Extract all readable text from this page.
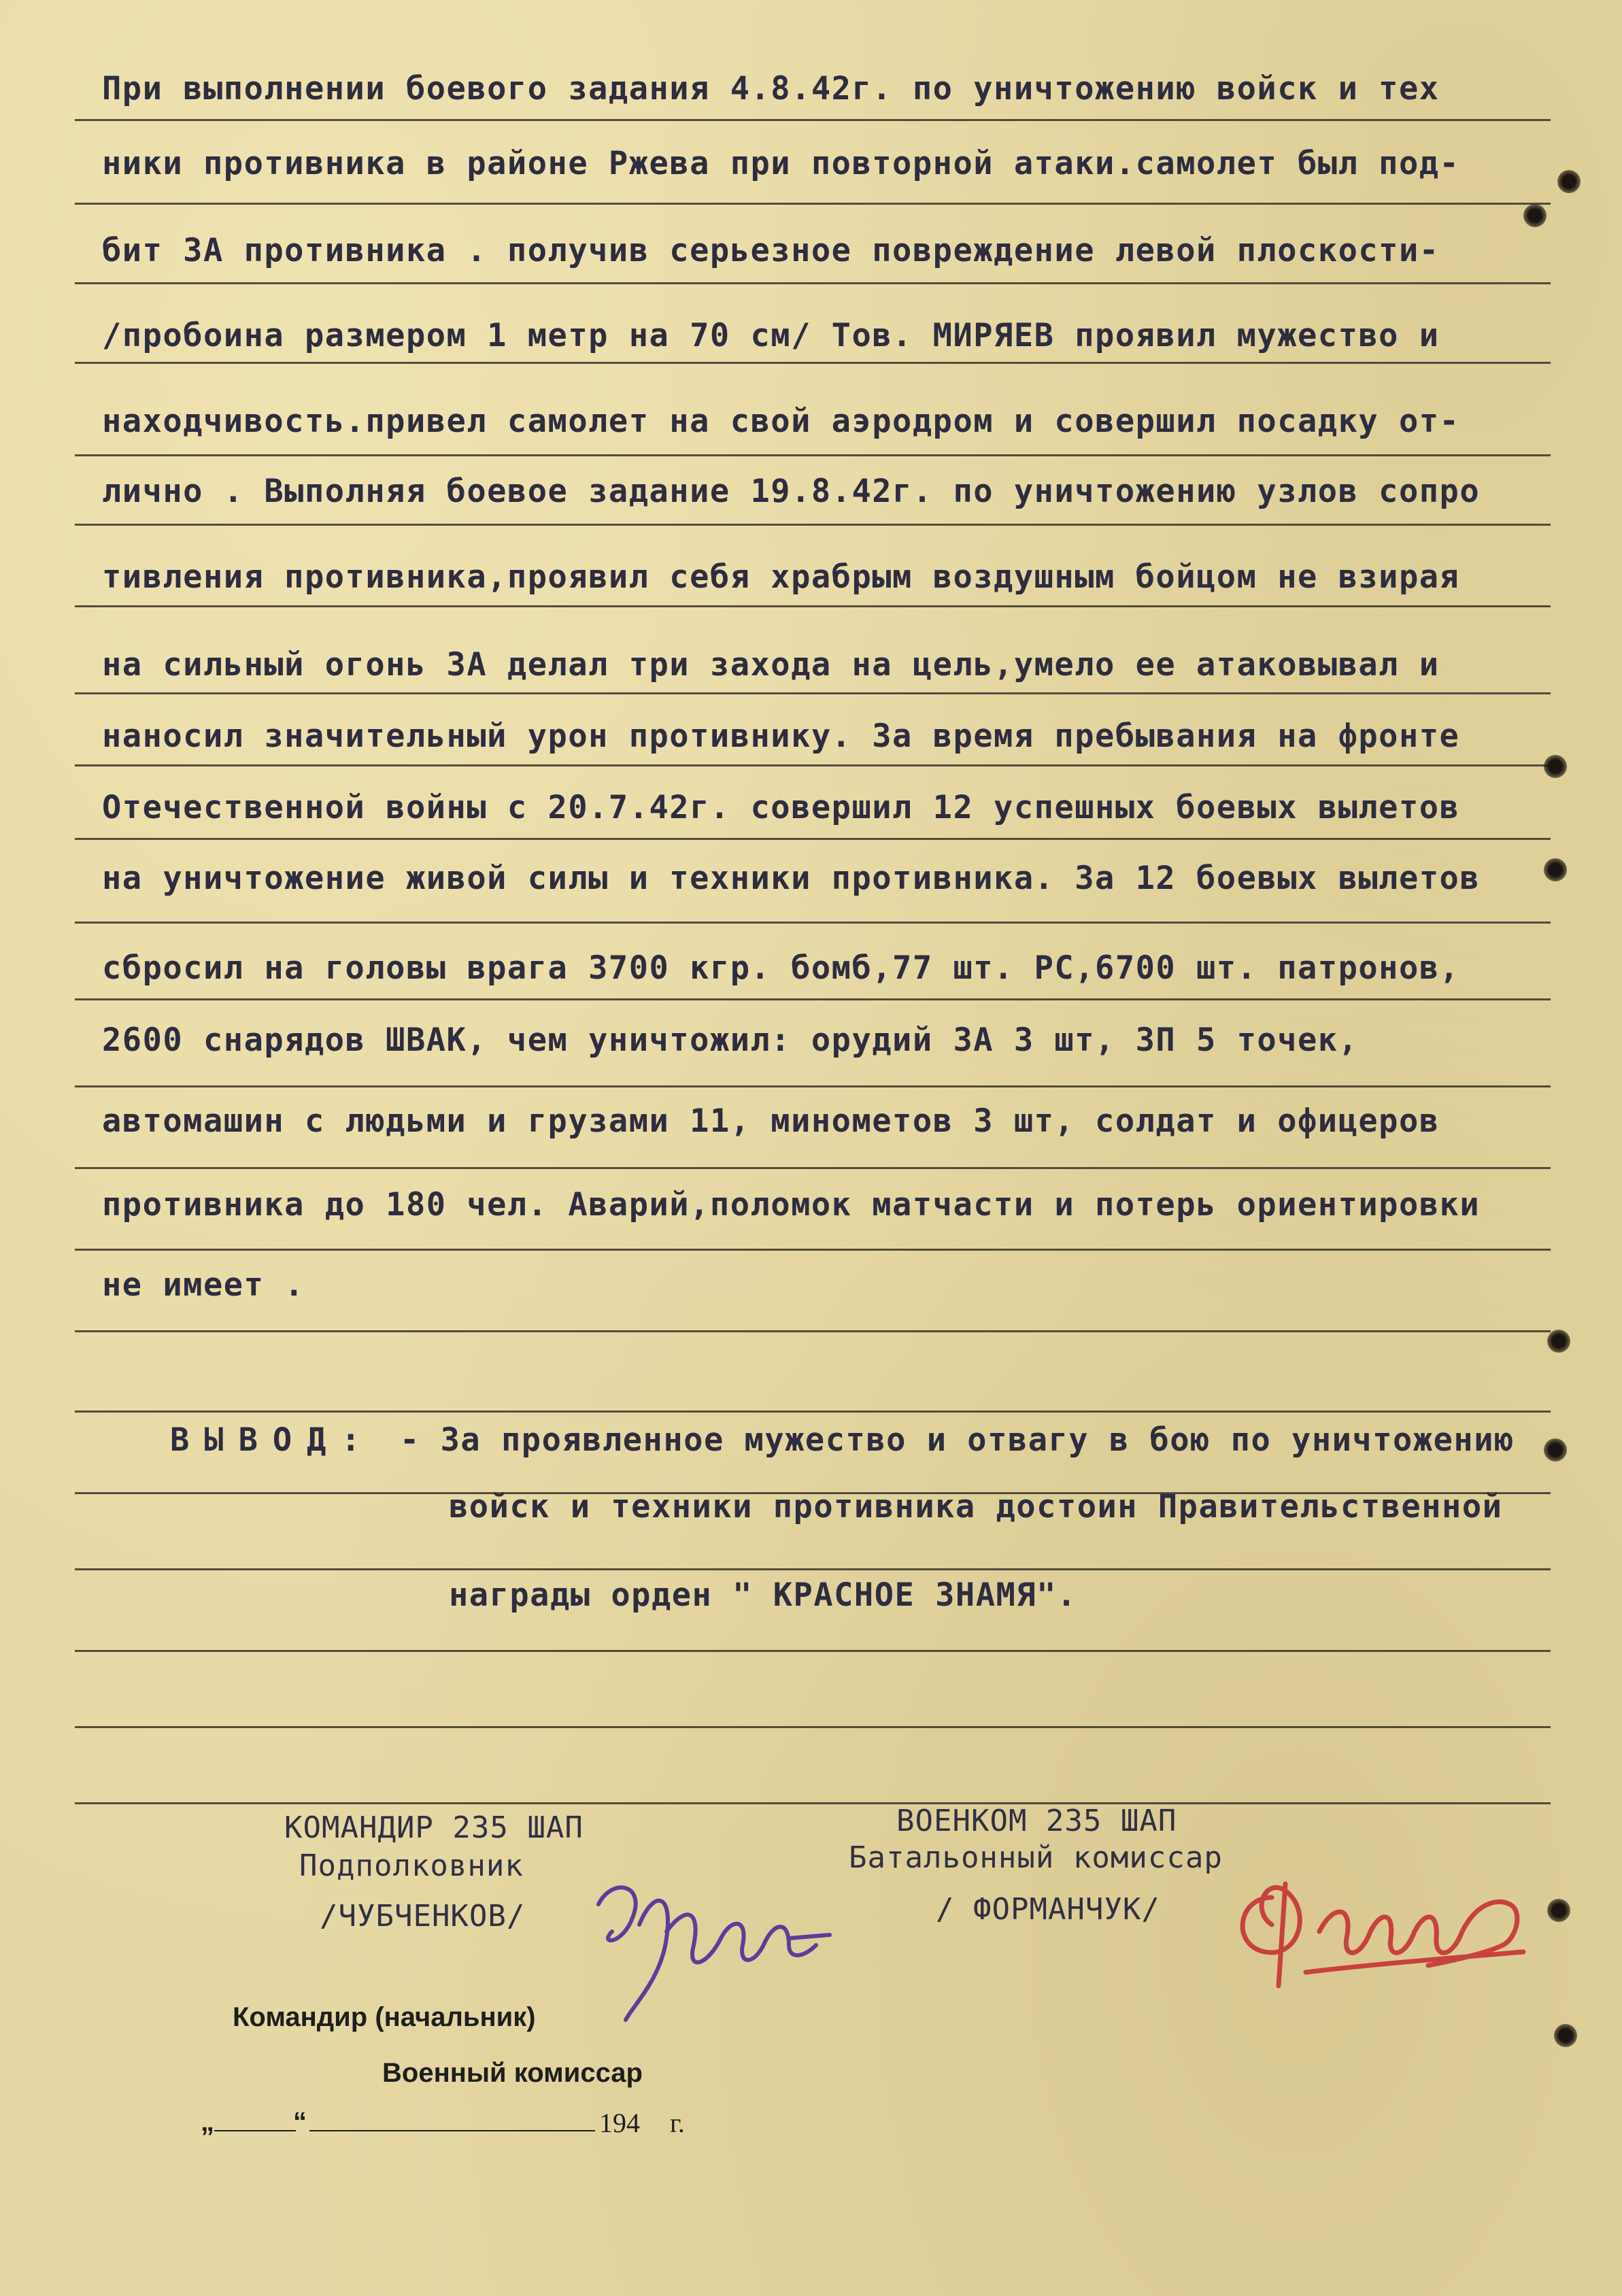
При выполнении боевого задания 4.8.42г. по уничтожению войск и тех
ники противника в районе Ржева при повторной атаки.самолет был под-
бит ЗА противника . получив серьезное повреждение левой плоскости-
/пробоина размером 1 метр на 70 см/ Тов. МИРЯЕВ проявил мужество и
находчивость.привел самолет на свой аэродром и совершил посадку от-
лично . Выполняя боевое задание 19.8.42г. по уничтожению узлов сопро
тивления противника,проявил себя храбрым воздушным бойцом не взирая
на сильный огонь ЗА делал три захода на цель,умело ее атаковывал и
наносил значительный урон противнику. За время пребывания на фронте
Отечественной войны с 20.7.42г. совершил 12 успешных боевых вылетов
на уничтожение живой силы и техники противника. За 12 боевых вылетов
сбросил на головы врага 3700 кгр. бомб,77 шт. РС,6700 шт. патронов,
2600 снарядов ШВАК, чем уничтожил: орудий ЗА 3 шт, ЗП 5 точек,
автомашин с людьми и грузами 11, минометов 3 шт, солдат и офицеров
противника до 180 чел. Аварий,поломок матчасти и потерь ориентировки
не имеет .
ВЫВОД: - За проявленное мужество и отвагу в бою по уничтожению
войск и техники противника достоин Правительственной
награды орден " КРАСНОЕ ЗНАМЯ".
КОМАНДИР 235 ШАП
Подполковник
/ЧУБЧЕНКОВ/
ВОЕНКОМ 235 ШАП
Батальонный комиссар
/ ФОРМАНЧУК/
Командир (начальник)
Военный комиссар
„	“	194 г.
